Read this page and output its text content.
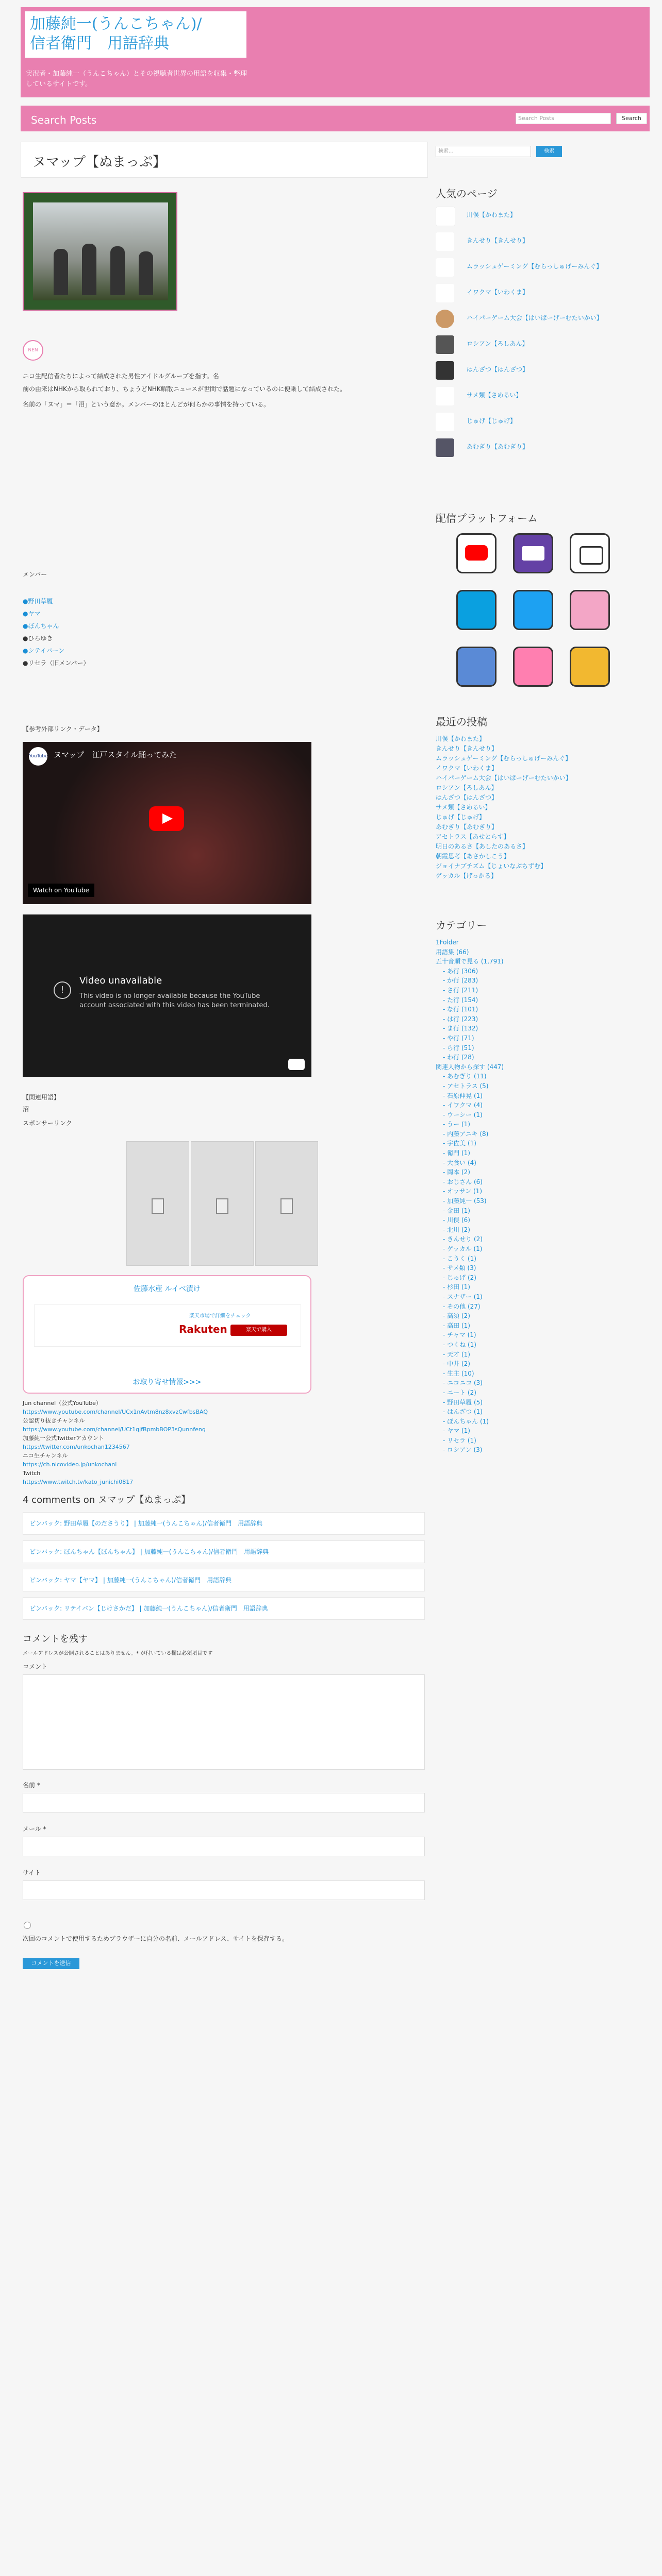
加藤純一(うんこちゃん)/
信者衛門　用語辞典
実況者・加藤純一（うんこちゃん）とその視聴者世界の用語を収集・整理しているサイトです。
Search Posts	Search Posts	Search
ヌマップ【ぬまっぷ】
NEN
ニコ生配信者たちによって結成された男性アイドルグループを指す。名
前の由来はNHKから取られており、ちょうどNHK解散ニュースが世間で話題になっているのに便乗して結成された。
名前の「ヌマ」＝「沼」という意か。メンバーのほとんどが何らかの事情を持っている。
メンバー
●野田草履
●ヤマ
●ぼんちゃん
●ひろゆき
●シテイバーン
●リセラ（旧メンバー）
【参考外部リンク・データ】
YouTube ヌマップ　江戸スタイル踊ってみた
Watch on YouTube
!
Video unavailable
This video is no longer available because the YouTube account associated with this video has been terminated.
【関連用語】
沼
スポンサーリンク
佐藤水産 ルイベ漬け
楽天市場で詳細をチェック
Rakuten	楽天で購入
お取り寄せ情報>>>
Jun channel（公式YouTube）
https://www.youtube.com/channel/UCx1nAvtm8nz8xvzCwfbsBAQ
公認切り抜きチャンネル
https://www.youtube.com/channel/UCt1gjfBpmbBOP3sQunnfeng
加藤純一公式Twitterアカウント
https://twitter.com/unkochan1234567
ニコ生チャンネル
https://ch.nicovideo.jp/unkochanl
Twitch
https://www.twitch.tv/kato_junichi0817
4 comments on ヌマップ【ぬまっぷ】
ピンバック: 野田草履【のださうり】 | 加藤純一(うんこちゃん)/信者衛門　用語辞典
ピンバック: ぼんちゃん【ぼんちゃん】 | 加藤純一(うんこちゃん)/信者衛門　用語辞典
ピンバック: ヤマ【ヤマ】 | 加藤純一(うんこちゃん)/信者衛門　用語辞典
ピンバック: リテイバン【じけさかだ】 | 加藤純一(うんこちゃん)/信者衛門　用語辞典
コメントを残す
メールアドレスが公開されることはありません。* が付いている欄は必須項目です
コメント
名前 *
メール *
サイト
次回のコメントで使用するためブラウザーに自分の名前、メールアドレス、サイトを保存する。
コメントを送信
検索...	検索
人気のページ
川俣【かわまた】
きんせり【きんせり】
ムラッシュゲーミング【むらっしゅげーみんぐ】
イワクマ【いわくま】
ハイパーゲーム大会【はいぱーげーむたいかい】
ロシアン【ろしあん】
はんざつ【はんざつ】
サメ類【さめるい】
じゅげ【じゅげ】
あむぎり【あむぎり】
配信プラットフォーム
最近の投稿
川俣【かわまた】
きんせり【きんせり】
ムラッシュゲーミング【むらっしゅげーみんぐ】
イワクマ【いわくま】
ハイパーゲーム大会【はいぱーげーむたいかい】
ロシアン【ろしあん】
はんざつ【はんざつ】
サメ類【さめるい】
じゅげ【じゅげ】
あむぎり【あむぎり】
アセトラス【あせとらす】
明日のあるさ【あしたのあるさ】
朝霞思考【あさかしこう】
ジョイナブチズム【じょいなぶちずむ】
ゲッカル【げっかる】
カテゴリー
1Folder
用語集 (66)
五十音順で見る (1,791)
- あ行 (306)
- か行 (283)
- さ行 (211)
- た行 (154)
- な行 (101)
- は行 (223)
- ま行 (132)
- や行 (71)
- ら行 (51)
- わ行 (28)
関連人物から探す (447)
- あむぎり (11)
- アセトラス (5)
- 石原伸晃 (1)
- イワクマ (4)
- ウーシー (1)
- うー (1)
- 内藤アニキ (8)
- 宇佐美 (1)
- 衛門 (1)
- 大食い (4)
- 岡本 (2)
- おじさん (6)
- オッサン (1)
- 加藤純一 (53)
- 金田 (1)
- 川俣 (6)
- 北川 (2)
- きんせり (2)
- ゲッカル (1)
- こうく (1)
- サメ類 (3)
- じゅげ (2)
- 杉田 (1)
- スナザー (1)
- その他 (27)
- 高須 (2)
- 高田 (1)
- チャマ (1)
- つくね (1)
- 天才 (1)
- 中井 (2)
- 生主 (10)
- ニコニコ (3)
- ニート (2)
- 野田草履 (5)
- はんざつ (1)
- ぼんちゃん (1)
- ヤマ (1)
- リセラ (1)
- ロシアン (3)
